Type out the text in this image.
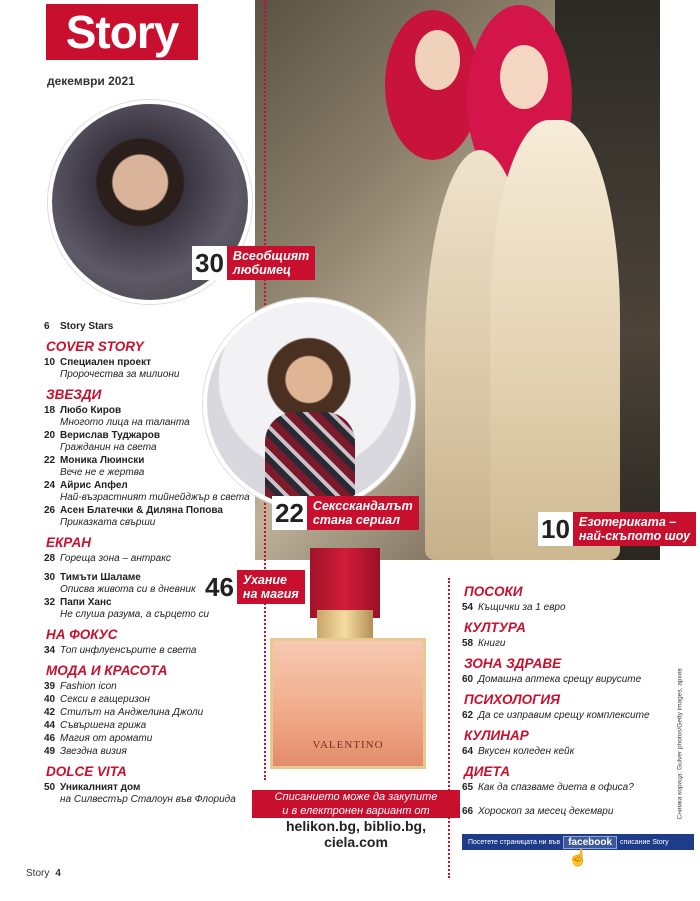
Story
декември 2021
30 Всеобщият
любимец
22 Сексскандалът
стана сериал	10 Езотериката –
най-скъпото шоу
46 Ухание
на магия
6	Story Stars
COVER STORY
10 Специален проект
Пророчества за милиони
ЗВЕЗДИ
18 Любо Киров
Многото лица на таланта
20 Верислав Туджаров
Гражданин на света
22 Моника Люински
Вече не е жертва
24 Айрис Апфел
Най-възрастният тийнейджър в света
26 Асен Блатечки & Диляна Попова
Приказката свърши
ЕКРАН
28 Гореща зона – антракс
30 Тимъти Шаламе
Описва живота си в дневник
32 Папи Ханс
Не слуша разума, а сърцето си
НА ФОКУС
34 Топ инфлуенсърите в света
МОДА И КРАСОТА
39 Fashion icon
40 Секси в гащеризон
42 Стилът на Анджелина Джоли
44 Съвършена грижа
46 Магия от аромати
49 Звездна визия
DOLCE VITA
50 Уникалният дом
на Силвестър Сталоун във Флорида
VALENTINO
ПОСОКИ
54 Къщички за 1 евро
КУЛТУРА
58 Книги
ЗОНА ЗДРАВЕ
60 Домашна аптека срещу вирусите
ПСИХОЛОГИЯ
62 Да се изправим срещу комплексите
КУЛИНАР
64 Вкусен коледен кейк
ДИЕТА
65 Как да спазваме диета в офиса?
66 Хороскоп за месец декември
Списанието може да закупите
и в електронен вариант от
helikon.bg, biblio.bg,
ciela.com	Посетете страницата ни във facebook	списание Story
☝
Снимка корица: Gulver photos/Getty images, архив
Story 4
